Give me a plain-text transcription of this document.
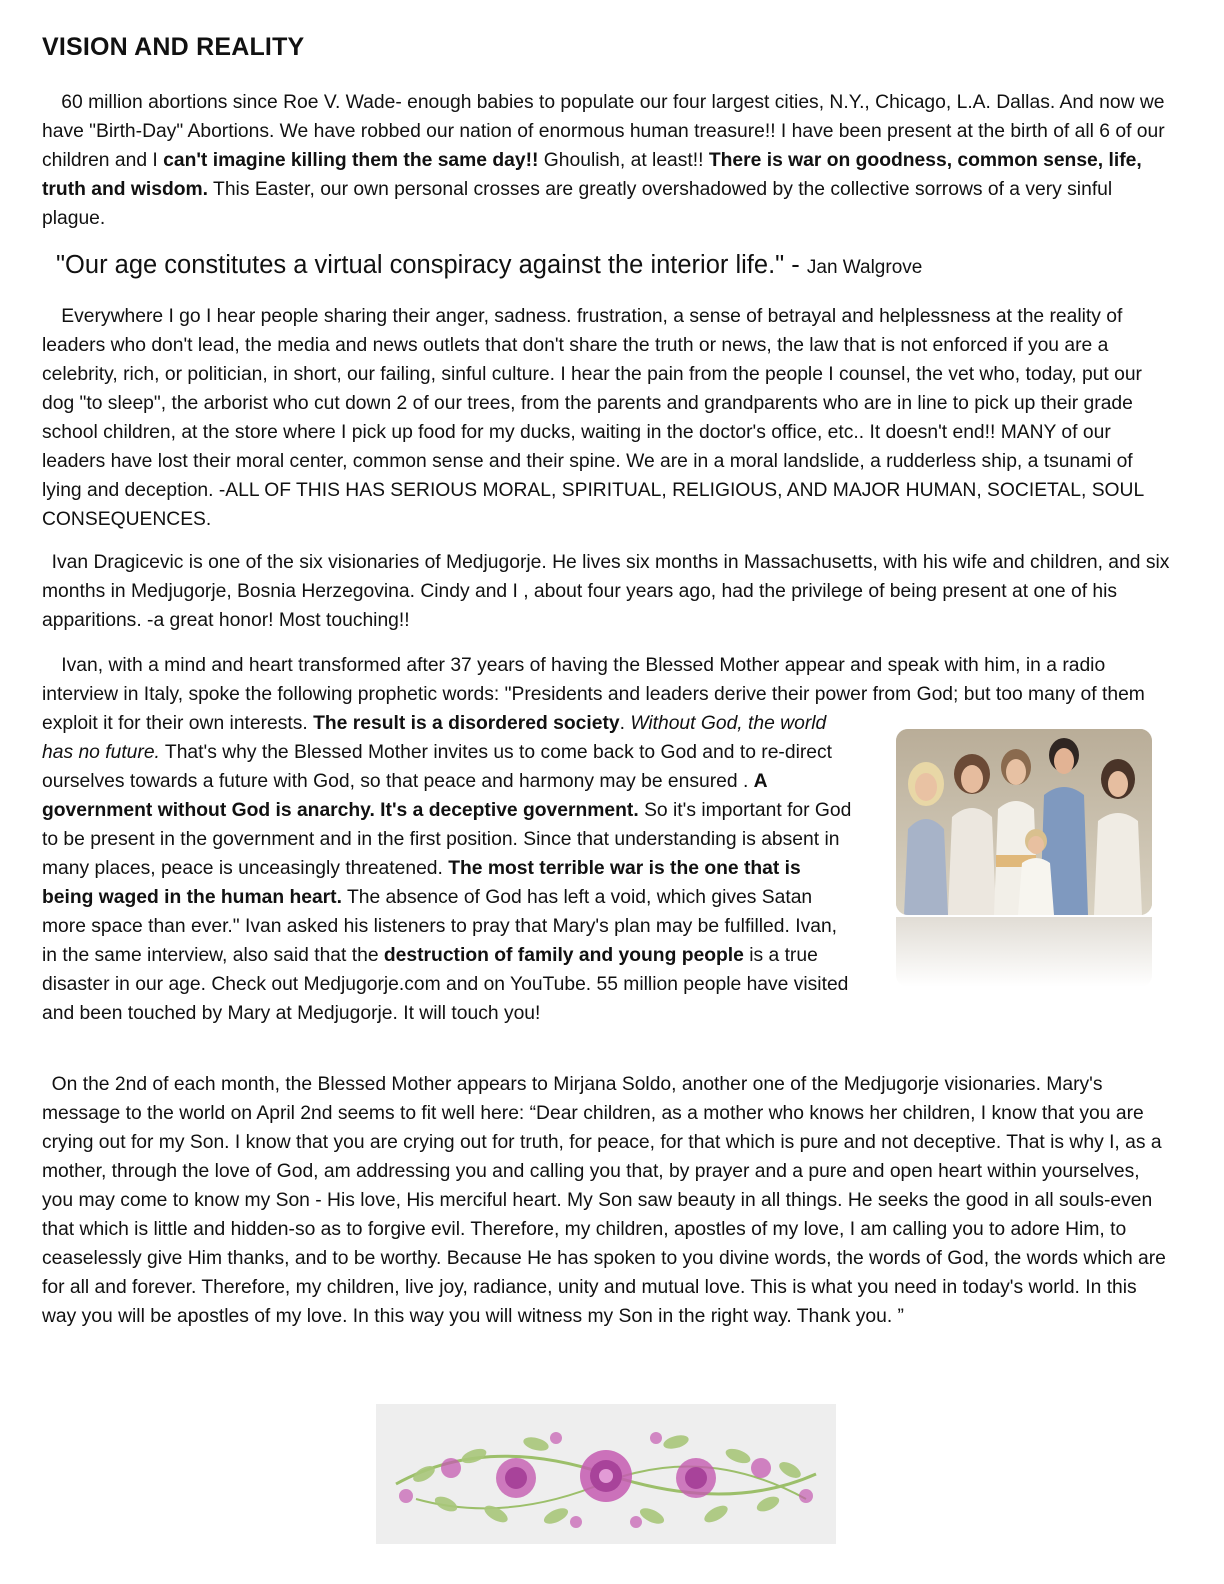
VISION AND REALITY

 60 million abortions since Roe V. Wade- enough babies to populate our four largest cities, N.Y., Chicago, L.A. Dallas. And now we have "Birth-Day" Abortions. We have robbed our nation of enormous human treasure!! I have been present at the birth of all 6 of our children and I can't imagine killing them the same day!! Ghoulish, at least!! There is war on goodness, common sense, life, truth and wisdom. This Easter, our own personal crosses are greatly overshadowed by the collective sorrows of a very sinful plague.

"Our age constitutes a virtual conspiracy against the interior life." - Jan Walgrove

 Everywhere I go I hear people sharing their anger, sadness. frustration, a sense of betrayal and helplessness at the reality of leaders who don't lead, the media and news outlets that don't share the truth or news, the law that is not enforced if you are a celebrity, rich, or politician, in short, our failing, sinful culture. I hear the pain from the people I counsel, the vet who, today, put our dog "to sleep", the arborist who cut down 2 of our trees, from the parents and grandparents who are in line to pick up their grade school children, at the store where I pick up food for my ducks, waiting in the doctor's office, etc.. It doesn't end!! MANY of our leaders have lost their moral center, common sense and their spine. We are in a moral landslide, a rudderless ship, a tsunami of lying and deception. -ALL OF THIS HAS SERIOUS MORAL, SPIRITUAL, RELIGIOUS, AND MAJOR HUMAN, SOCIETAL, SOUL CONSEQUENCES.

 Ivan Dragicevic is one of the six visionaries of Medjugorje. He lives six months in Massachusetts, with his wife and children, and six months in Medjugorje, Bosnia Herzegovina. Cindy and I , about four years ago, had the privilege of being present at one of his apparitions. -a great honor! Most touching!!

 Ivan, with a mind and heart transformed after 37 years of having the Blessed Mother appear and speak with him, in a radio interview in Italy, spoke the following prophetic words: "Presidents and leaders derive their power from God; but too many of them exploit it for their own interests.
The result is a disordered society. Without God, the world has no future. That's why the Blessed Mother invites us to come back to God and to re-direct ourselves towards a future with God, so that peace and harmony may be ensured . A government without God is anarchy. It's a deceptive government. So it's important for God to be present in the government and in the first position. Since that understanding is absent in many places, peace is unceasingly threatened. The most terrible war is the one that is being waged in the human heart. The absence of God has left a void, which gives Satan more space than ever." Ivan asked his listeners to pray that Mary's plan may be fulfilled. Ivan, in the same interview, also said that the destruction of family and young people is a true disaster in our age. Check out Medjugorje.com and on YouTube. 55 million people have visited and been touched by Mary at Medjugorje. It will touch you!

 On the 2nd of each month, the Blessed Mother appears to Mirjana Soldo, another one of the Medjugorje visionaries. Mary's message to the world on April 2nd seems to fit well here: “Dear children, as a mother who knows her children, I know that you are crying out for my Son. I know that you are crying out for truth, for peace, for that which is pure and not deceptive. That is why I, as a mother, through the love of God, am addressing you and calling you that, by prayer and a pure and open heart within yourselves, you may come to know my Son - His love, His merciful heart. My Son saw beauty in all things. He seeks the good in all souls-even that which is little and hidden-so as to forgive evil. Therefore, my children, apostles of my love, I am calling you to adore Him, to ceaselessly give Him thanks, and to be worthy. Because He has spoken to you divine words, the words of God, the words which are for all and forever. Therefore, my children, live joy, radiance, unity and mutual love. This is what you need in today's world. In this way you will be apostles of my love. In this way you will witness my Son in the right way. Thank you. ”
